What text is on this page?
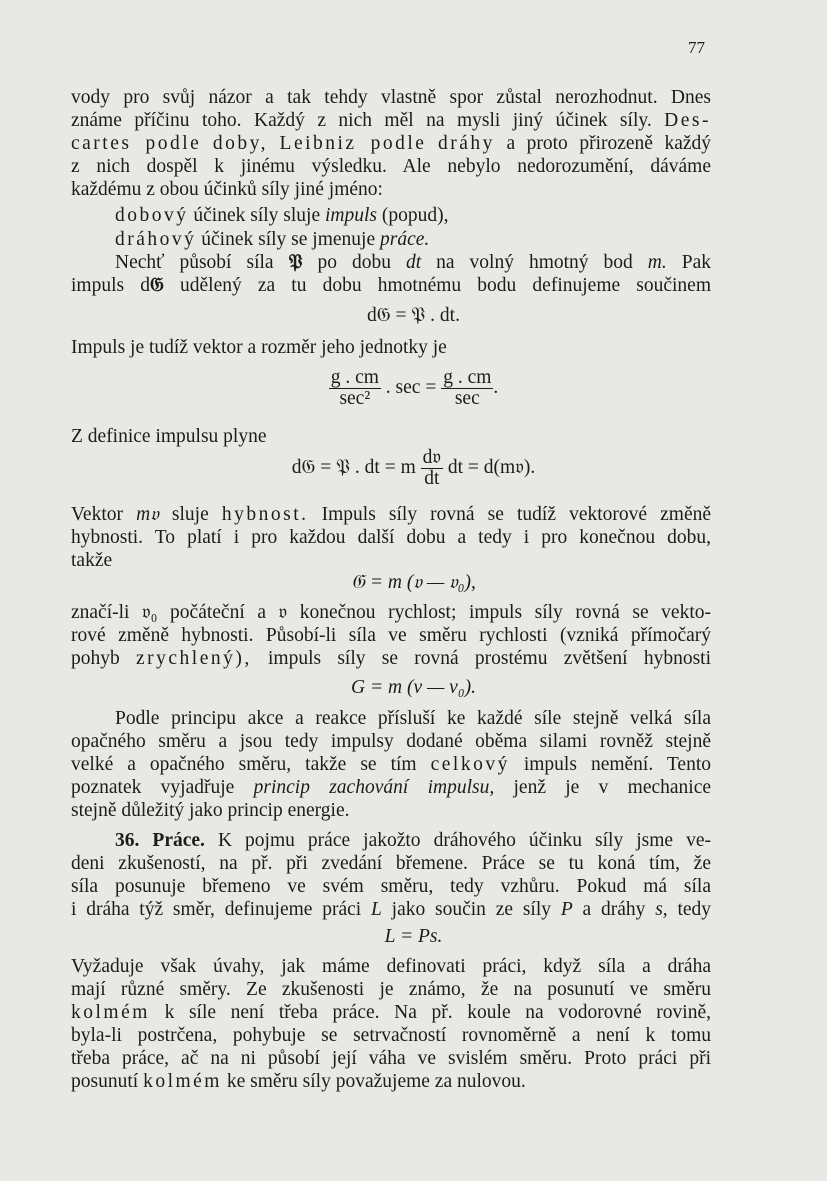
77
vody pro svůj názor a tak tehdy vlastně spor zůstal nerozhodnut. Dnes
známe příčinu toho. Každý z nich měl na mysli jiný účinek síly. Des-
cartes podle doby, Leibniz podle dráhy a proto přirozeně každý
z nich dospěl k jinému výsledku. Ale nebylo nedorozumění, dáváme
každému z obou účinků síly jiné jméno:
dobový účinek síly sluje impuls (popud),
dráhový účinek síly se jmenuje práce.
Nechť působí síla 𝔓 po dobu dt na volný hmotný bod m. Pak
impuls d𝔊 udělený za tu dobu hmotnému bodu definujeme součinem
d𝔊 = 𝔓 . dt.
Impuls je tudíž vektor a rozměr jeho jednotky je
$\frac{g . cm}{\text{sec²}}$ . $\sec = \frac{g . cm}{\sec}$ .
Z definice impulsu plyne
d𝔊 = 𝔓 . dt = m $\frac{\text{d𝔳}}{dt}$ dt = d(m𝔳).
Vektor m𝔳 sluje hybnost. Impuls síly rovná se tudíž vektorové změně
hybnosti. To platí i pro každou další dobu a tedy i pro konečnou dobu,
takže
𝔊 = m (𝔳 — 𝔳₀),
značí-li 𝔳₀ počáteční a 𝔳 konečnou rychlost; impuls síly rovná se vekto-
rové změně hybnosti. Působí-li síla ve směru rychlosti (vzniká přímočarý
pohyb zrychlený), impuls síly se rovná prostému zvětšení hybnosti
G = m (v — v₀).
Podle principu akce a reakce přísluší ke každé síle stejně velká síla
opačného směru a jsou tedy impulsy dodané oběma silami rovněž stejně
velké a opačného směru, takže se tím celkový impuls nemění. Tento
poznatek vyjadřuje princip zachování impulsu, jenž je v mechanice
stejně důležitý jako princip energie.
36. Práce. K pojmu práce jakožto dráhového účinku síly jsme ve-
deni zkušeností, na př. při zvedání břemene. Práce se tu koná tím, že
síla posunuje břemeno ve svém směru, tedy vzhůru. Pokud má síla
i dráha týž směr, definujeme práci L jako součin ze síly P a dráhy s, tedy
L = Ps.
Vyžaduje však úvahy, jak máme definovati práci, když síla a dráha
mají různé směry. Ze zkušenosti je známo, že na posunutí ve směru
kolmém k síle není třeba práce. Na př. koule na vodorovné rovině,
byla-li postrčena, pohybuje se setrvačností rovnoměrně a není k tomu
třeba práce, ač na ni působí její váha ve svislém směru. Proto práci při
posunutí kolmém ke směru síly považujeme za nulovou.
